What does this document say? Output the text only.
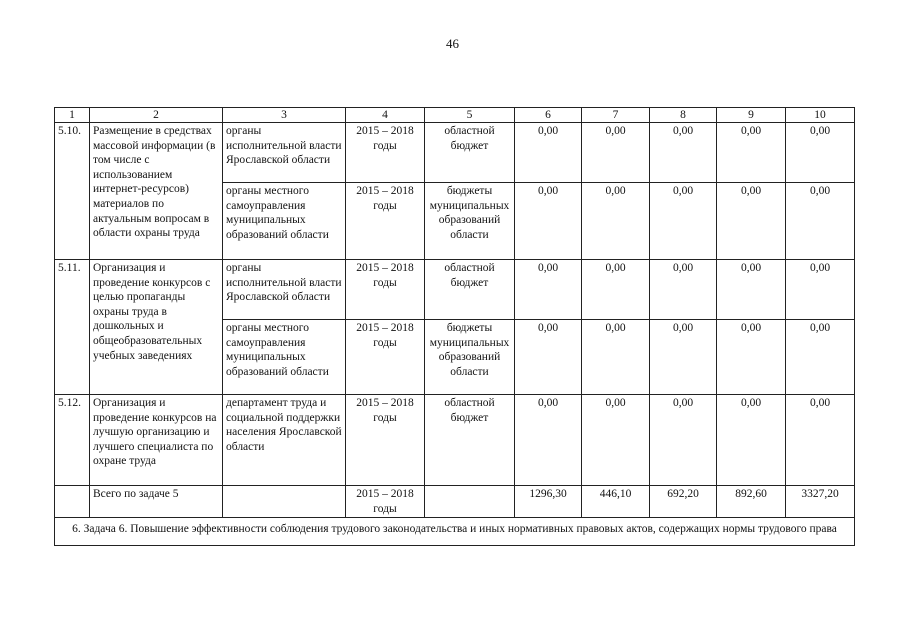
46
1	2	3	4	5	6	7	8	9	10
5.10.	Размещение в средствах массовой информации (в том числе с использованием интернет-ресурсов) материалов по актуальным вопросам в области охраны труда	органы исполнительной власти Ярославской области	2015 – 2018 годы	областной бюджет	0,00	0,00	0,00	0,00	0,00
		органы местного самоуправления муниципальных образований области	2015 – 2018 годы	бюджеты муниципальных образований области	0,00	0,00	0,00	0,00	0,00
5.11.	Организация и проведение конкурсов с целью пропаганды охраны труда в дошкольных и общеобразовательных учебных заведениях	органы исполнительной власти Ярославской области	2015 – 2018 годы	областной бюджет	0,00	0,00	0,00	0,00	0,00
		органы местного самоуправления муниципальных образований области	2015 – 2018 годы	бюджеты муниципальных образований области	0,00	0,00	0,00	0,00	0,00
5.12.	Организация и проведение конкурсов на лучшую организацию и лучшего специалиста по охране труда	департамент труда и социальной поддержки населения Ярославской области	2015 – 2018 годы	областной бюджет	0,00	0,00	0,00	0,00	0,00
	Всего по задаче 5		2015 – 2018 годы		1296,30	446,10	692,20	892,60	3327,20
6. Задача 6. Повышение эффективности соблюдения трудового законодательства и иных нормативных правовых актов, содержащих нормы трудового права									
